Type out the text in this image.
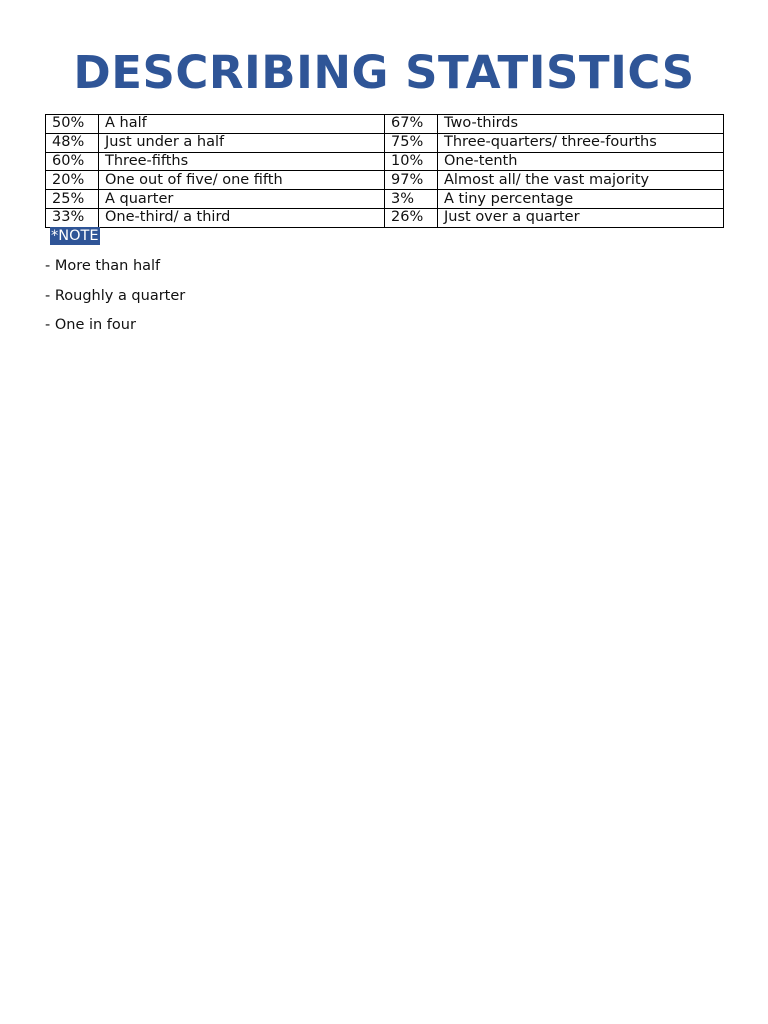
DESCRIBING STATISTICS
50%	A half	67%	Two-thirds
48%	Just under a half	75%	Three-quarters/ three-fourths
60%	Three-fifths	10%	One-tenth
20%	One out of five/ one fifth	97%	Almost all/ the vast majority
25%	A quarter	3%	A tiny percentage
33%	One-third/ a third	26%	Just over a quarter
*NOTE
- More than half
- Roughly a quarter
- One in four
